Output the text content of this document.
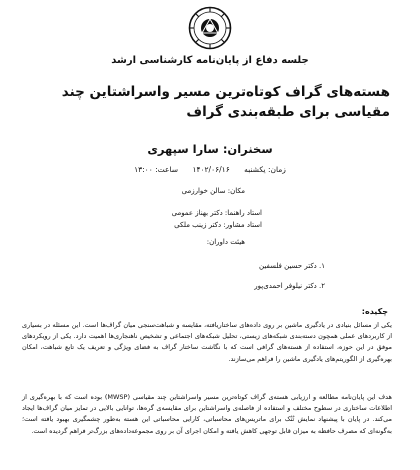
جلسه دفاع از پایان‌نامه کارشناسی ارشد
هسته‌های گراف کوتاه‌ترین مسیر واسراشتاین چند مقیاسی برای طبقه‌بندی گراف
سخنران: سارا سپهری
زمان: یکشنبه ۱۴۰۲/۰۶/۱۶ ساعت: ۱۳:۰۰
مکان: سالن خوارزمی
استاد راهنما: دکتر بهناز عمومی
استاد مشاور: دکتر زینب ملکی
هیئت داوران:
۱. دکتر حسین فلسفین
۲. دکتر نیلوفر احمدی‌پور
چکیده:
یکی از مسائل بنیادی در یادگیری ماشین بر روی داده‌های ساختاریافته، مقایسه و شباهت‌سنجی میان گراف‌ها است. این مسئله در بسیاری از کاربردهای عملی همچون دسته‌بندی شبکه‌های زیستی، تحلیل شبکه‌های اجتماعی و تشخیص ناهنجاری‌ها اهمیت دارد. یکی از رویکردهای موفق در این حوزه، استفاده از هسته‌های گرافی است که با نگاشت ساختار گراف به فضای ویژگی و تعریف یک تابع شباهت، امکان بهره‌گیری از الگوریتم‌های یادگیری ماشین را فراهم می‌سازند.
هدف این پایان‌نامه مطالعه و ارزیابی هسته‌ی گراف کوتاه‌ترین مسیر واسراشتاین چند مقیاسی (MWSP) بوده است که با بهره‌گیری از اطلاعات ساختاری در سطوح مختلف و استفاده از فاصله‌ی واسراشتاین برای مقایسه‌ی گره‌ها، توانایی بالایی در تمایز میان گراف‌ها ایجاد می‌کند. در پایان با پیشنهاد نمایش تُنُک برای ماتریس‌های محاسباتی، کارایی محاسباتی این هسته به‌طور چشمگیری بهبود یافته است؛ به‌گونه‌ای که مصرف حافظه به میزان قابل توجهی کاهش یافته و امکان اجرای آن بر روی مجموعه‌داده‌های بزرگ‌تر فراهم گردیده است.
